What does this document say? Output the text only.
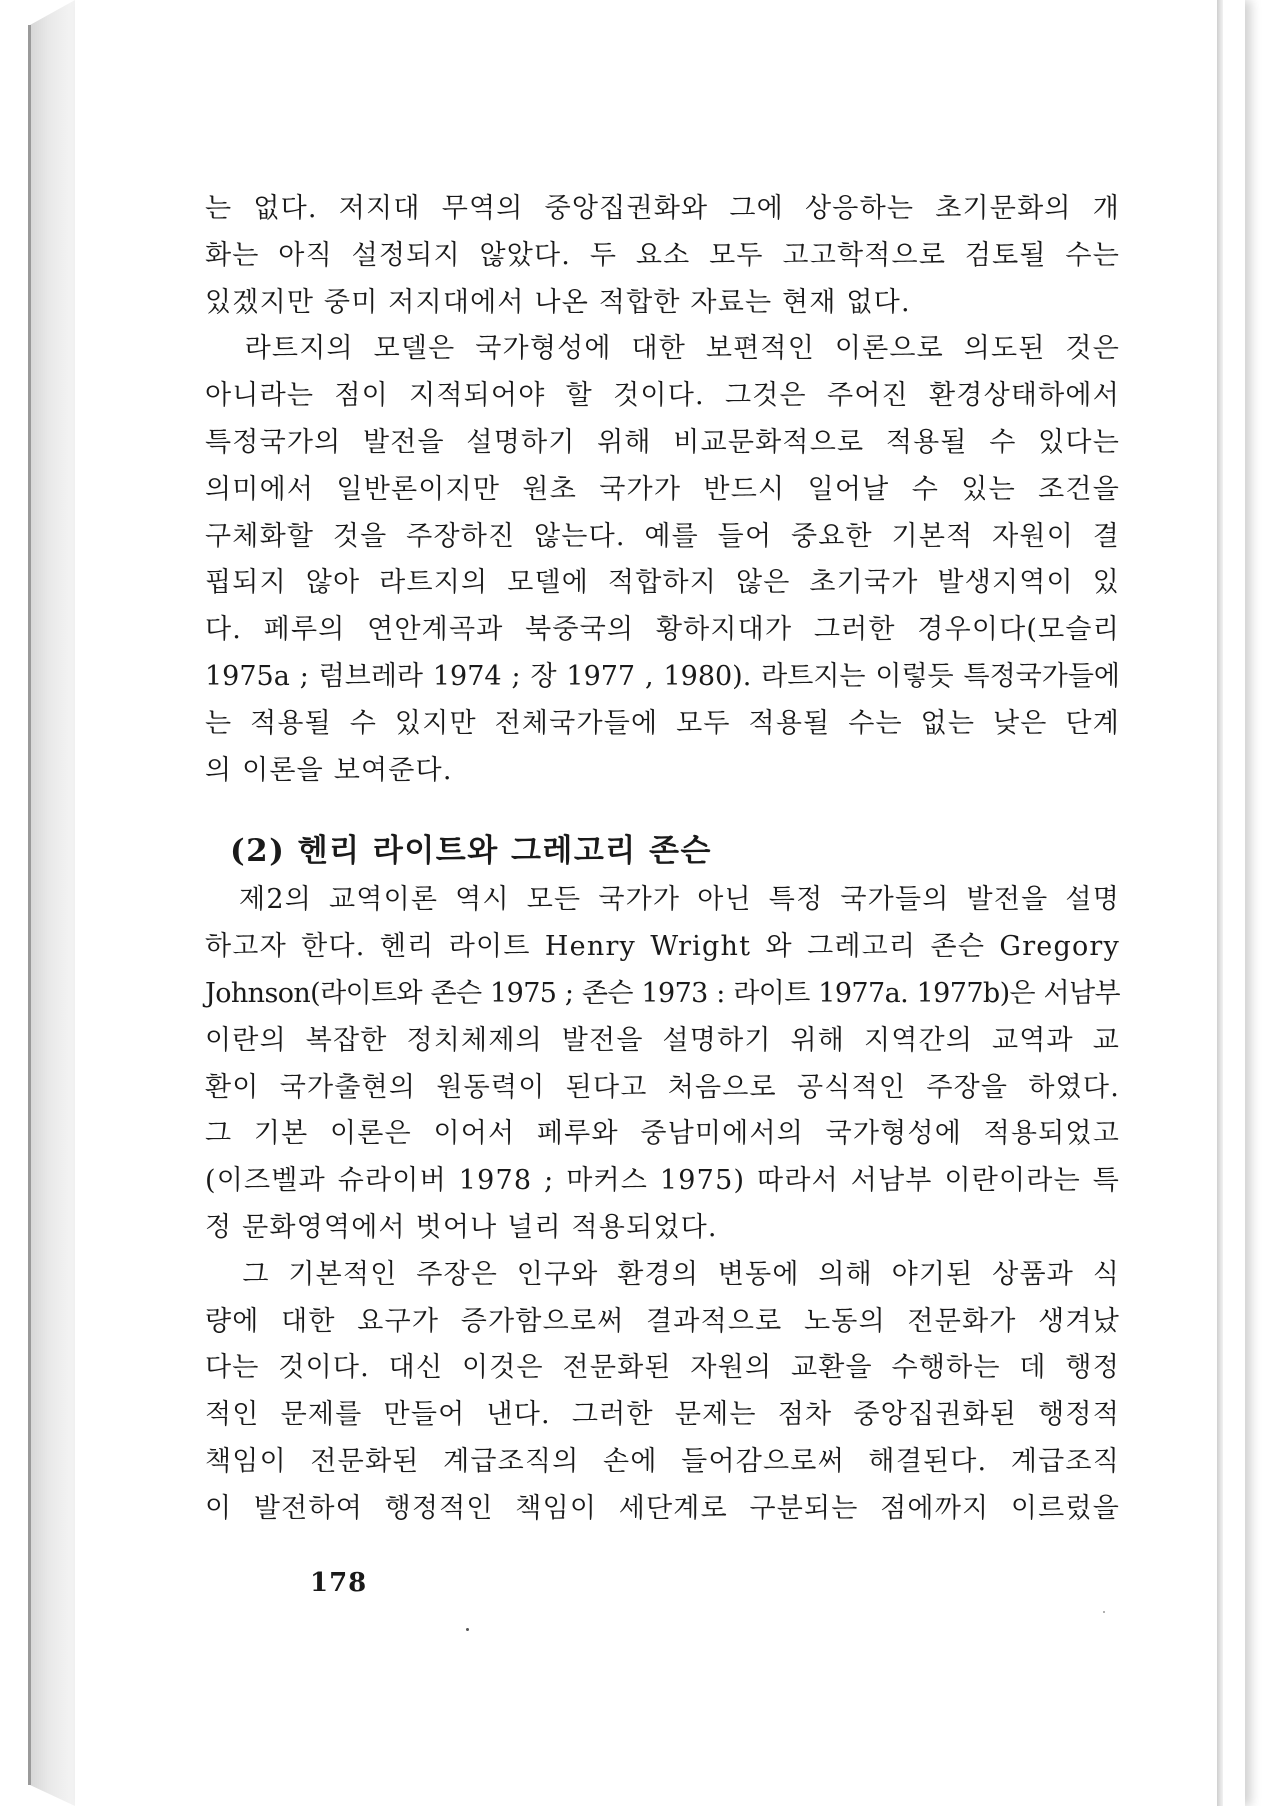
는 없다. 저지대 무역의 중앙집권화와 그에 상응하는 초기문화의 개
화는 아직 설정되지 않았다. 두 요소 모두 고고학적으로 검토될 수는
있겠지만 중미 저지대에서 나온 적합한 자료는 현재 없다.

라트지의 모델은 국가형성에 대한 보편적인 이론으로 의도된 것은
아니라는 점이 지적되어야 할 것이다. 그것은 주어진 환경상태하에서
특정국가의 발전을 설명하기 위해 비교문화적으로 적용될 수 있다는
의미에서 일반론이지만 원초 국가가 반드시 일어날 수 있는 조건을
구체화할 것을 주장하진 않는다. 예를 들어 중요한 기본적 자원이 결
핍되지 않아 라트지의 모델에 적합하지 않은 초기국가 발생지역이 있
다. 페루의 연안계곡과 북중국의 황하지대가 그러한 경우이다(모슬리
1975a ; 럼브레라 1974 ; 장 1977 , 1980). 라트지는 이렇듯 특정국가들에
는 적용될 수 있지만 전체국가들에 모두 적용될 수는 없는 낮은 단계
의 이론을 보여준다.

(2) 헨리 라이트와 그레고리 존슨

제2의 교역이론 역시 모든 국가가 아닌 특정 국가들의 발전을 설명
하고자 한다. 헨리 라이트 Henry Wright 와 그레고리 존슨 Gregory
Johnson(라이트와 존슨 1975 ; 존슨 1973 : 라이트 1977a. 1977b)은 서남부
이란의 복잡한 정치체제의 발전을 설명하기 위해 지역간의 교역과 교
환이 국가출현의 원동력이 된다고 처음으로 공식적인 주장을 하였다.
그 기본 이론은 이어서 페루와 중남미에서의 국가형성에 적용되었고
(이즈벨과 슈라이버 1978 ; 마커스 1975) 따라서 서남부 이란이라는 특
정 문화영역에서 벗어나 널리 적용되었다.

그 기본적인 주장은 인구와 환경의 변동에 의해 야기된 상품과 식
량에 대한 요구가 증가함으로써 결과적으로 노동의 전문화가 생겨났
다는 것이다. 대신 이것은 전문화된 자원의 교환을 수행하는 데 행정
적인 문제를 만들어 낸다. 그러한 문제는 점차 중앙집권화된 행정적
책임이 전문화된 계급조직의 손에 들어감으로써 해결된다. 계급조직
이 발전하여 행정적인 책임이 세단계로 구분되는 점에까지 이르렀을

178
